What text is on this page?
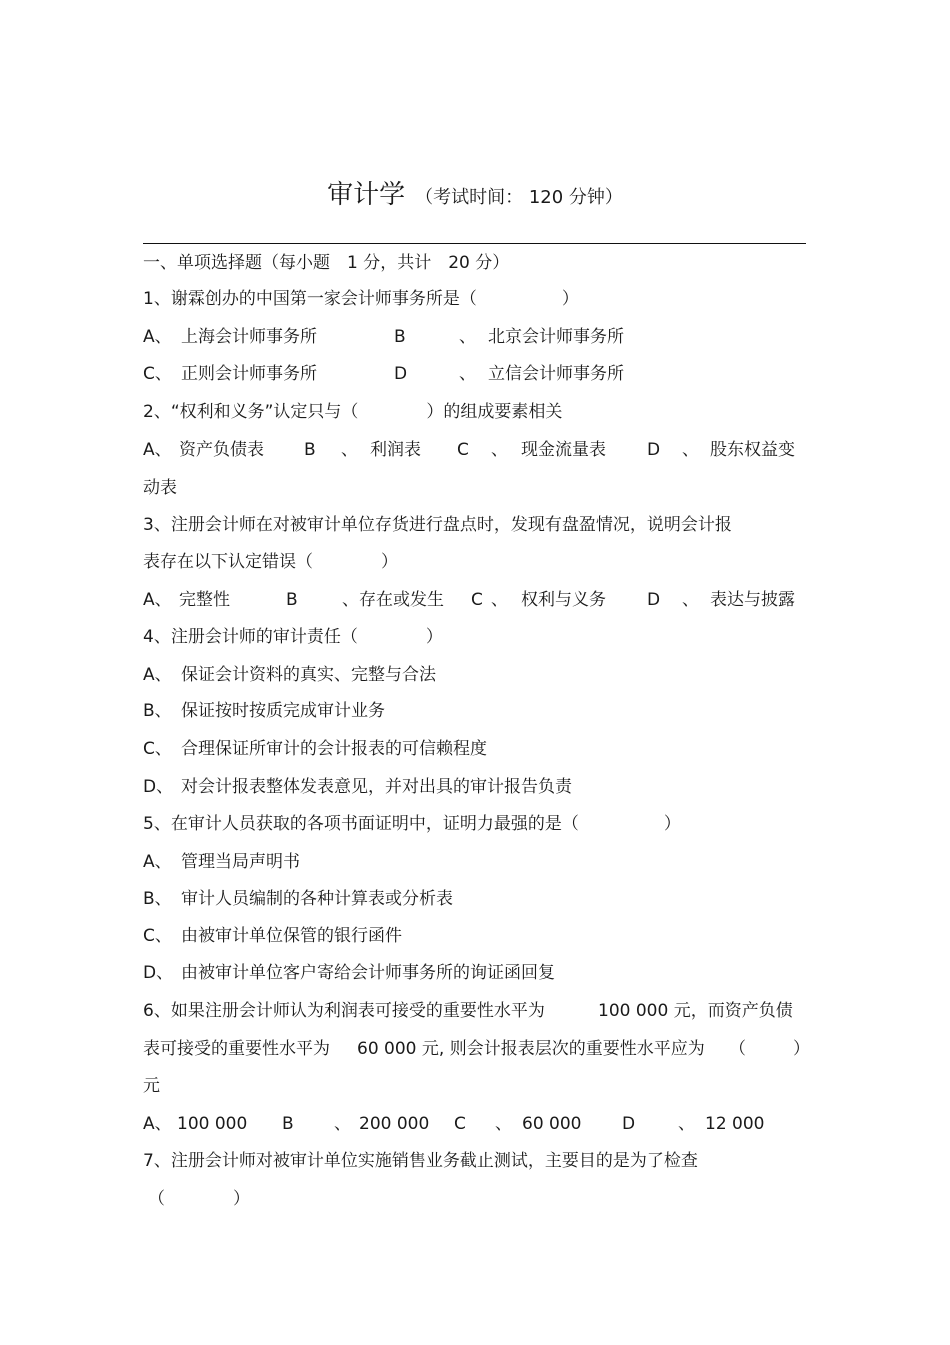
审计学 （考试时间： 120 分钟）
一、单项选择题（每小题　1 分，共计　20 分）
1、谢霖创办的中国第一家会计师事务所是（　　　　　）
A、 上海会计师事务所	B	、 北京会计师事务所
C、 正则会计师事务所	D	、 立信会计师事务所
2、“权利和义务”认定只与（　　　　）的组成要素相关
A、 资产负债表 B 、 利润表 C 、 现金流量表 D 、 股东权益变
动表
3、注册会计师在对被审计单位存货进行盘点时，发现有盘盈情况，说明会计报
表存在以下认定错误（　　　　）
A、 完整性	B	、存在或发生 C 、 权利与义务 D 、 表达与披露
4、注册会计师的审计责任（　　　　）
A、 保证会计资料的真实、完整与合法
B、 保证按时按质完成审计业务
C、 合理保证所审计的会计报表的可信赖程度
D、 对会计报表整体发表意见，并对出具的审计报告负责
5、在审计人员获取的各项书面证明中，证明力最强的是（　　　　　）
A、 管理当局声明书
B、 审计人员编制的各种计算表或分析表
C、 由被审计单位保管的银行函件
D、 由被审计单位客户寄给会计师事务所的询证函回复
6、如果注册会计师认为利润表可接受的重要性水平为	100 000 元，而资产负债
表可接受的重要性水平为 60 000 元, 则会计报表层次的重要性水平应为 （	）
元
A、 100 000 B 、 200 000 C 、 60 000 D	、 12 000
7、注册会计师对被审计单位实施销售业务截止测试，主要目的是为了检查
（　　　　）
